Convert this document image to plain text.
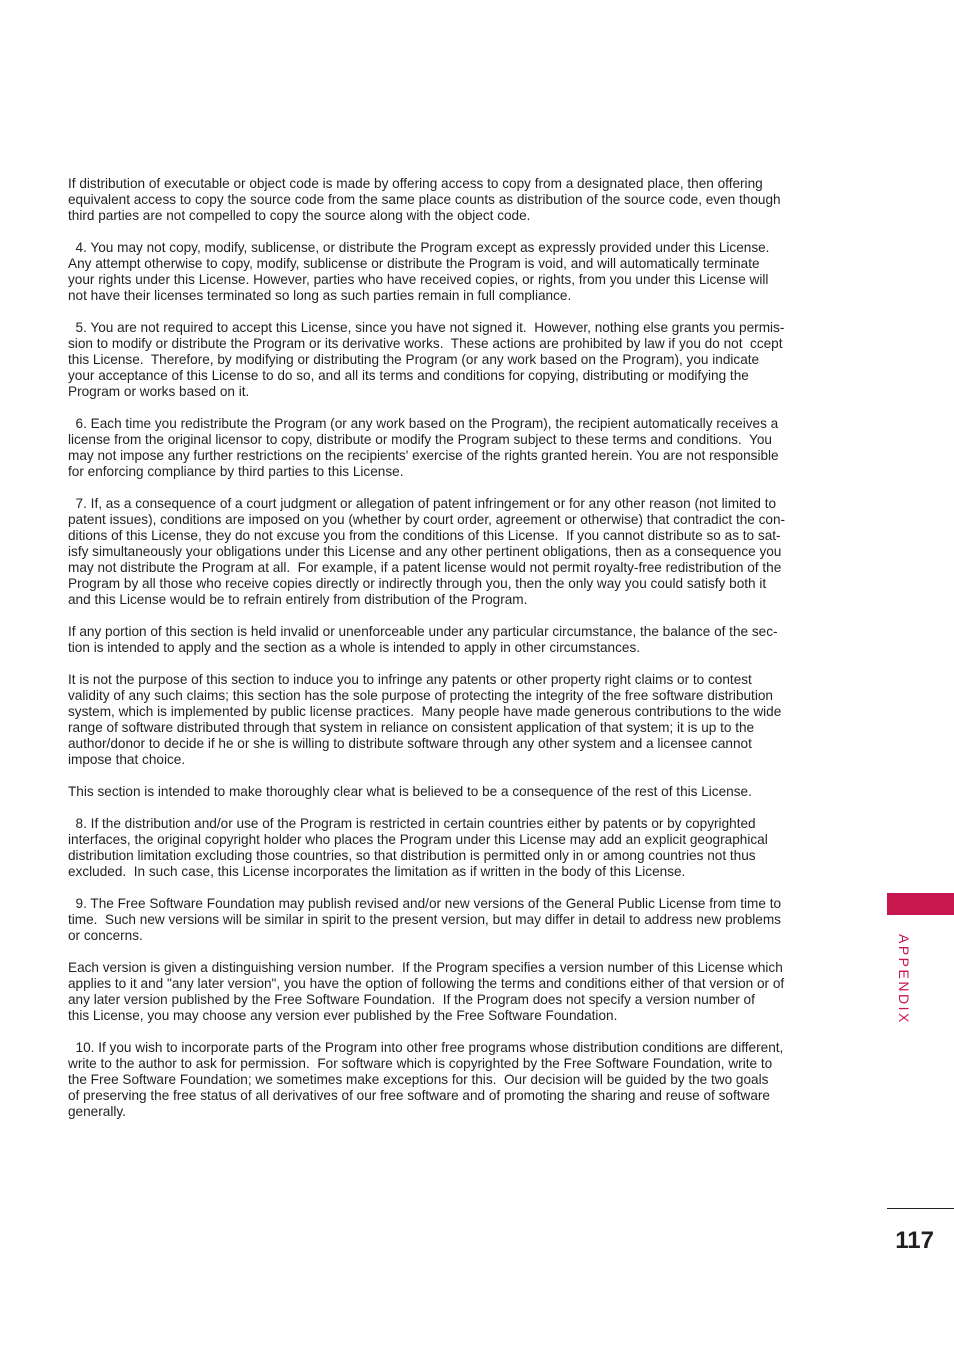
If distribution of executable or object code is made by offering access to copy from a designated place, then offering
equivalent access to copy the source code from the same place counts as distribution of the source code, even though
third parties are not compelled to copy the source along with the object code.
4. You may not copy, modify, sublicense, or distribute the Program except as expressly provided under this License.
Any attempt otherwise to copy, modify, sublicense or distribute the Program is void, and will automatically terminate
your rights under this License. However, parties who have received copies, or rights, from you under this License will
not have their licenses terminated so long as such parties remain in full compliance.
5. You are not required to accept this License, since you have not signed it.  However, nothing else grants you permis-
sion to modify or distribute the Program or its derivative works.  These actions are prohibited by law if you do not  ccept
this License.  Therefore, by modifying or distributing the Program (or any work based on the Program), you indicate
your acceptance of this License to do so, and all its terms and conditions for copying, distributing or modifying the
Program or works based on it.
6. Each time you redistribute the Program (or any work based on the Program), the recipient automatically receives a
license from the original licensor to copy, distribute or modify the Program subject to these terms and conditions.  You
may not impose any further restrictions on the recipients' exercise of the rights granted herein. You are not responsible
for enforcing compliance by third parties to this License.
7. If, as a consequence of a court judgment or allegation of patent infringement or for any other reason (not limited to
patent issues), conditions are imposed on you (whether by court order, agreement or otherwise) that contradict the con-
ditions of this License, they do not excuse you from the conditions of this License.  If you cannot distribute so as to sat-
isfy simultaneously your obligations under this License and any other pertinent obligations, then as a consequence you
may not distribute the Program at all.  For example, if a patent license would not permit royalty-free redistribution of the
Program by all those who receive copies directly or indirectly through you, then the only way you could satisfy both it
and this License would be to refrain entirely from distribution of the Program.
If any portion of this section is held invalid or unenforceable under any particular circumstance, the balance of the sec-
tion is intended to apply and the section as a whole is intended to apply in other circumstances.
It is not the purpose of this section to induce you to infringe any patents or other property right claims or to contest
validity of any such claims; this section has the sole purpose of protecting the integrity of the free software distribution
system, which is implemented by public license practices.  Many people have made generous contributions to the wide
range of software distributed through that system in reliance on consistent application of that system; it is up to the
author/donor to decide if he or she is willing to distribute software through any other system and a licensee cannot
impose that choice.
This section is intended to make thoroughly clear what is believed to be a consequence of the rest of this License.
8. If the distribution and/or use of the Program is restricted in certain countries either by patents or by copyrighted
interfaces, the original copyright holder who places the Program under this License may add an explicit geographical
distribution limitation excluding those countries, so that distribution is permitted only in or among countries not thus
excluded.  In such case, this License incorporates the limitation as if written in the body of this License.
9. The Free Software Foundation may publish revised and/or new versions of the General Public License from time to
time.  Such new versions will be similar in spirit to the present version, but may differ in detail to address new problems
or concerns.
Each version is given a distinguishing version number.  If the Program specifies a version number of this License which
applies to it and "any later version", you have the option of following the terms and conditions either of that version or of
any later version published by the Free Software Foundation.  If the Program does not specify a version number of
this License, you may choose any version ever published by the Free Software Foundation.
10. If you wish to incorporate parts of the Program into other free programs whose distribution conditions are different,
write to the author to ask for permission.  For software which is copyrighted by the Free Software Foundation, write to
the Free Software Foundation; we sometimes make exceptions for this.  Our decision will be guided by the two goals
of preserving the free status of all derivatives of our free software and of promoting the sharing and reuse of software
generally.
APPENDIX
117
